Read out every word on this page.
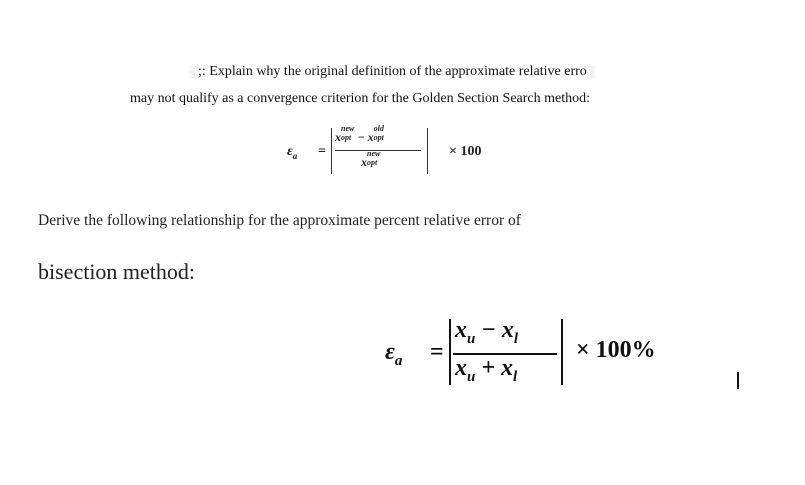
;: Explain why the original definition of the approximate relative erro
may not qualify as a convergence criterion for the Golden Section Search method:
$\varepsilon_a$ =
x
new
opt − x
old
opt
x
new
opt
× 100
Derive the following relationship for the approximate percent relative error of
bisection method:
$\varepsilon_a$ =
$x_u - x_l$
$x_u + x_l$
× 100%
